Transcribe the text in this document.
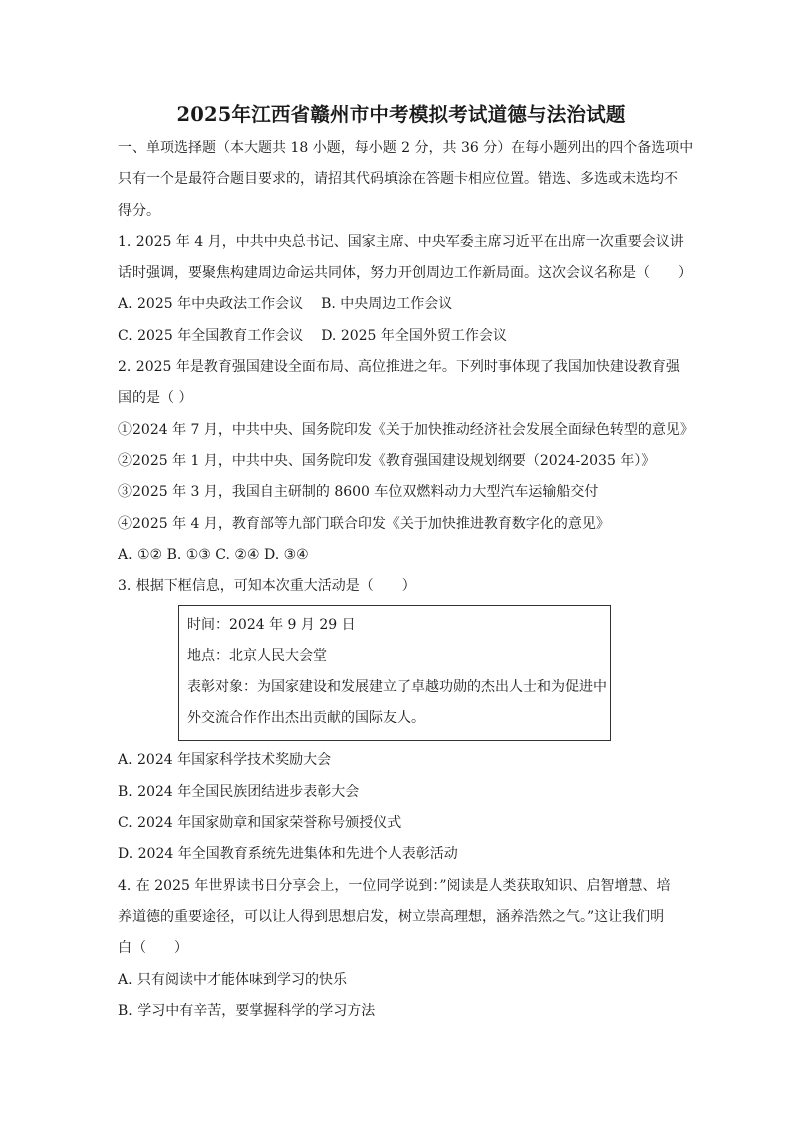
2025年江西省赣州市中考模拟考试道德与法治试题

一、单项选择题（本大题共 18 小题，每小题 2 分，共 36 分）在每小题列出的四个备选项中

只有一个是最符合题目要求的，请招其代码填涂在答题卡相应位置。错选、多选或未选均不

得分。

1. 2025 年 4 月，中共中央总书记、国家主席、中央军委主席习近平在出席一次重要会议讲

话时强调，要聚焦构建周边命运共同体，努力开创周边工作新局面。这次会议名称是（　　）

A. 2025 年中央政法工作会议 B. 中央周边工作会议

C. 2025 年全国教育工作会议 D. 2025 年全国外贸工作会议

2. 2025 年是教育强国建设全面布局、高位推进之年。下列时事体现了我国加快建设教育强

国的是（ ）

①2024 年 7 月，中共中央、国务院印发《关于加快推动经济社会发展全面绿色转型的意见》

②2025 年 1 月，中共中央、国务院印发《教育强国建设规划纲要（2024-2035 年）》

③2025 年 3 月，我国自主研制的 8600 车位双燃料动力大型汽车运输船交付

④2025 年 4 月，教育部等九部门联合印发《关于加快推进教育数字化的意见》

A. ①② B. ①③ C. ②④ D. ③④

3. 根据下框信息，可知本次重大活动是（　　）

时间：2024 年 9 月 29 日

地点：北京人民大会堂

表彰对象：为国家建设和发展建立了卓越功勋的杰出人士和为促进中

外交流合作作出杰出贡献的国际友人。

A. 2024 年国家科学技术奖励大会

B. 2024 年全国民族团结进步表彰大会

C. 2024 年国家勋章和国家荣誉称号颁授仪式

D. 2024 年全国教育系统先进集体和先进个人表彰活动

4. 在 2025 年世界读书日分享会上，一位同学说到：”阅读是人类获取知识、启智增慧、培

养道德的重要途径，可以让人得到思想启发，树立崇高理想，涵养浩然之气。”这让我们明

白（　　）

A. 只有阅读中才能体味到学习的快乐

B. 学习中有辛苦，要掌握科学的学习方法
